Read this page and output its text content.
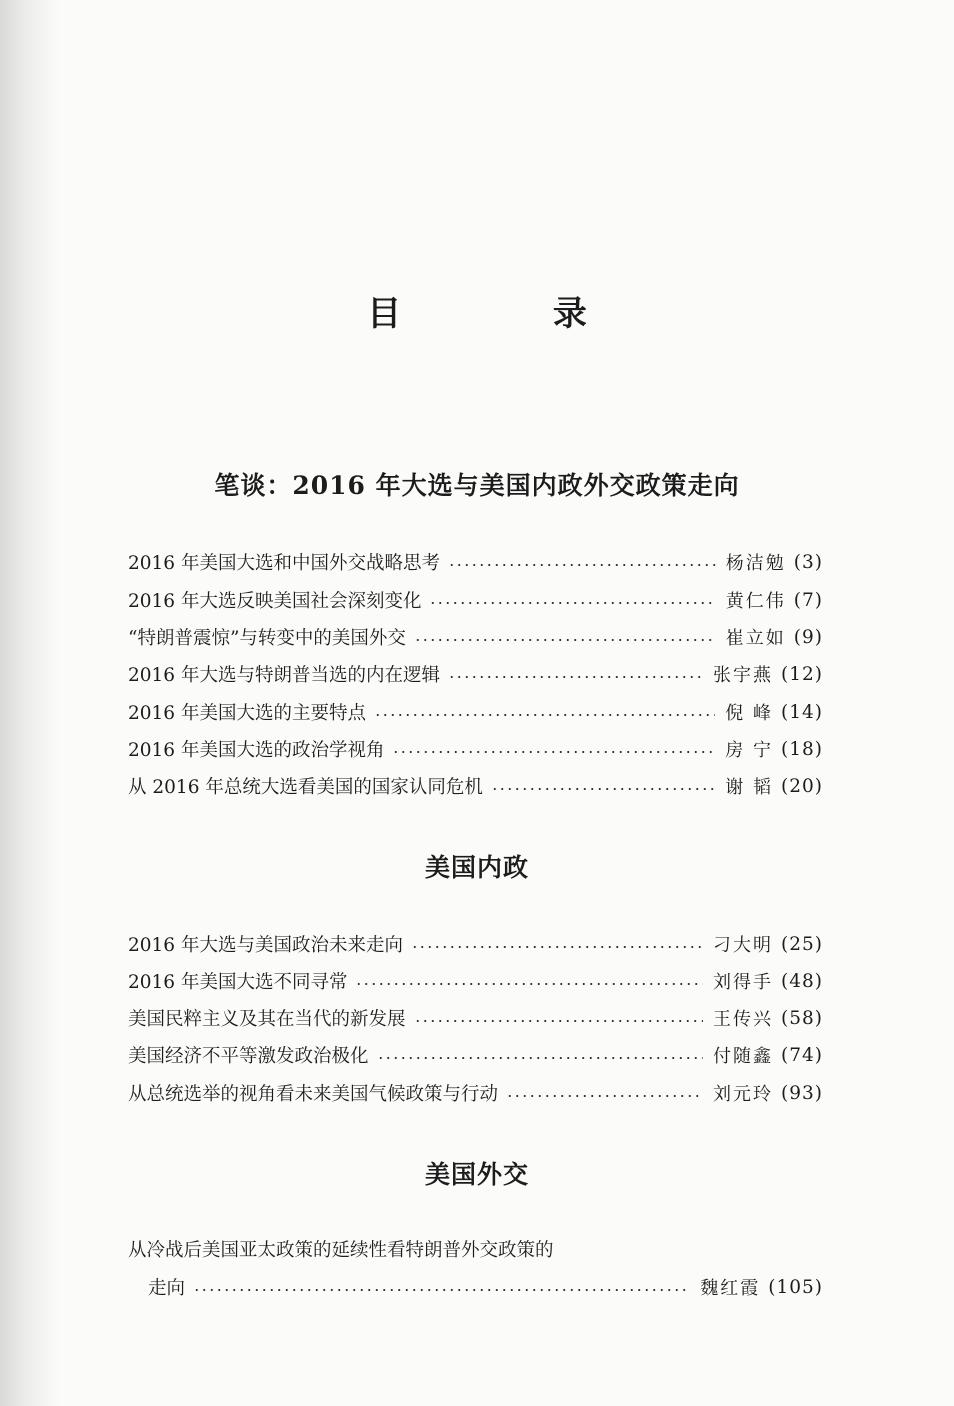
目 录
笔谈：2016 年大选与美国内政外交政策走向
2016 年美国大选和中国外交战略思考	杨洁勉 (3)
2016 年大选反映美国社会深刻变化	黄仁伟 (7)
“特朗普震惊”与转变中的美国外交	崔立如 (9)
2016 年大选与特朗普当选的内在逻辑	张宇燕 (12)
2016 年美国大选的主要特点	倪 峰 (14)
2016 年美国大选的政治学视角	房 宁 (18)
从 2016 年总统大选看美国的国家认同危机	谢 韬 (20)
美国内政
2016 年大选与美国政治未来走向	刁大明 (25)
2016 年美国大选不同寻常	刘得手 (48)
美国民粹主义及其在当代的新发展	王传兴 (58)
美国经济不平等激发政治极化	付随鑫 (74)
从总统选举的视角看未来美国气候政策与行动	刘元玲 (93)
美国外交
从冷战后美国亚太政策的延续性看特朗普外交政策的
走向	魏红霞 (105)
